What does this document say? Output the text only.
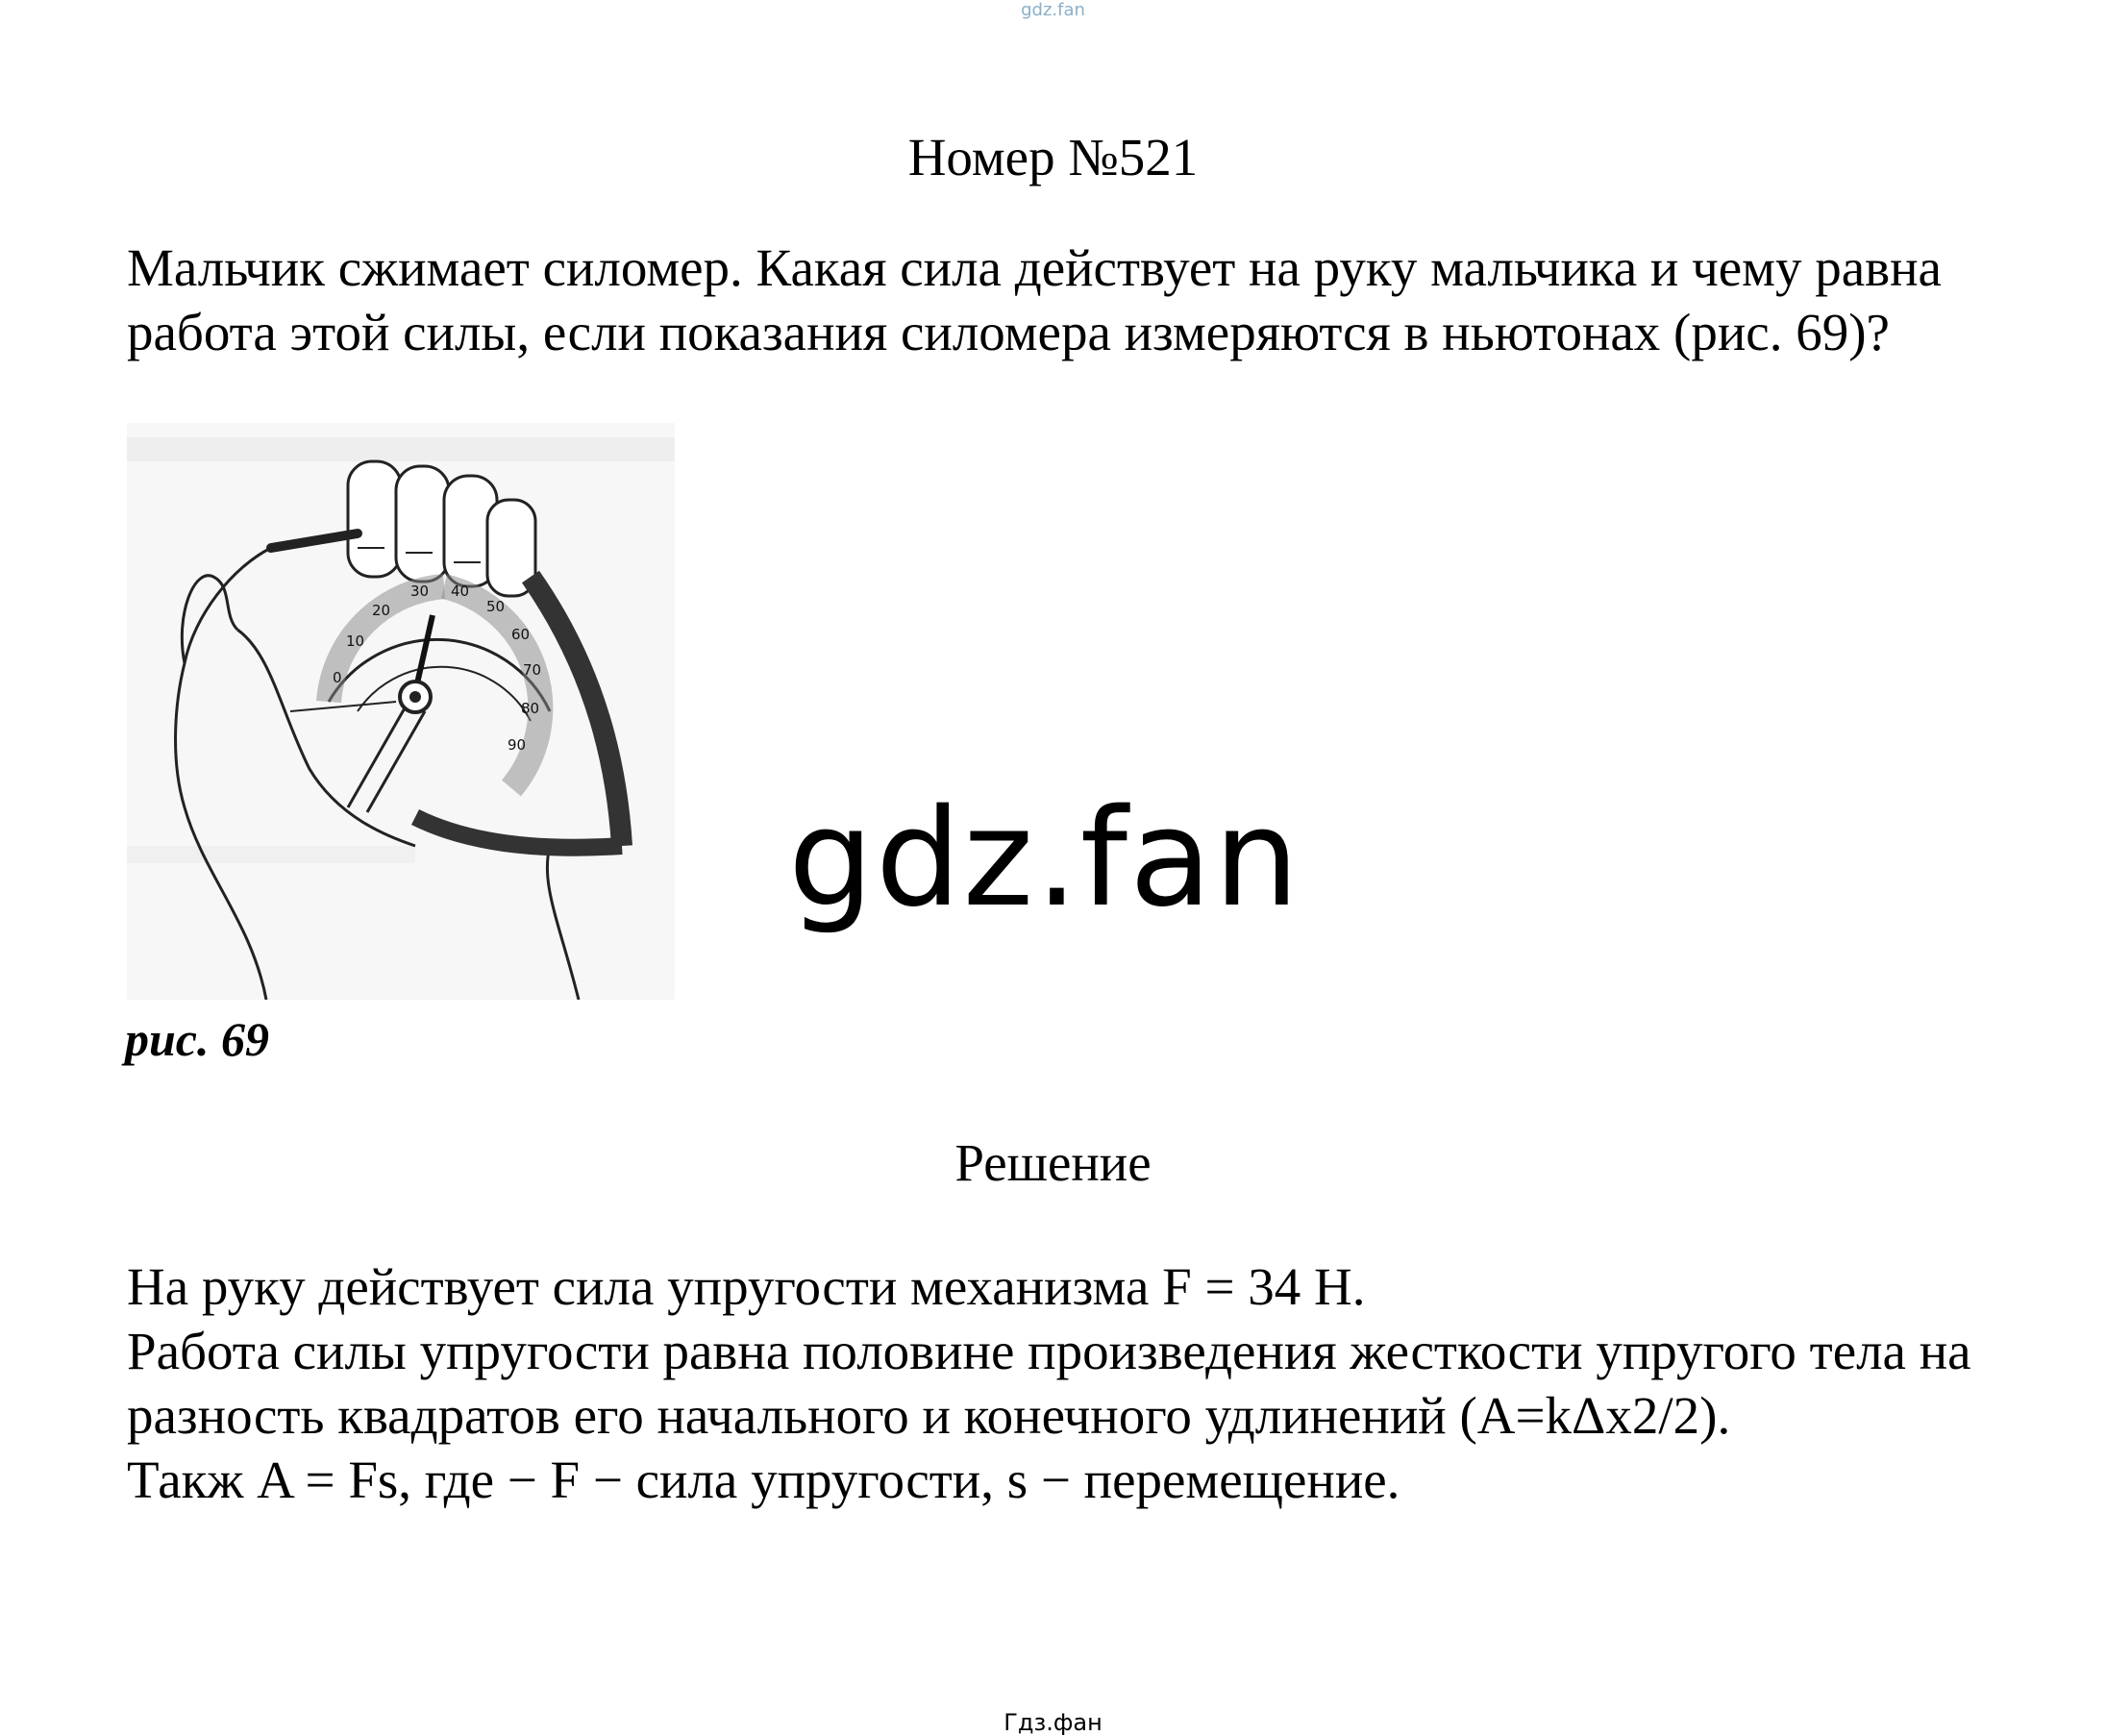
gdz.fan
Номер №521
Мальчик сжимает силомер. Какая сила действует на руку мальчика и чему равна работа этой силы, если показания силомера измеряются в ньютонах (рис. 69)?
0
10
20
30 40
50
60
70
80
90
рис. 69
gdz.fan
Решение

На руку действует сила упругости механизма F = 34 Н.

Работа силы упругости равна половине произведения жесткости упругого тела на разность квадратов его начального и конечного удлинений (A=kΔx2/2).

Такж A = Fs, где − F − сила упругости, s − перемещение.

Гдз.фан
